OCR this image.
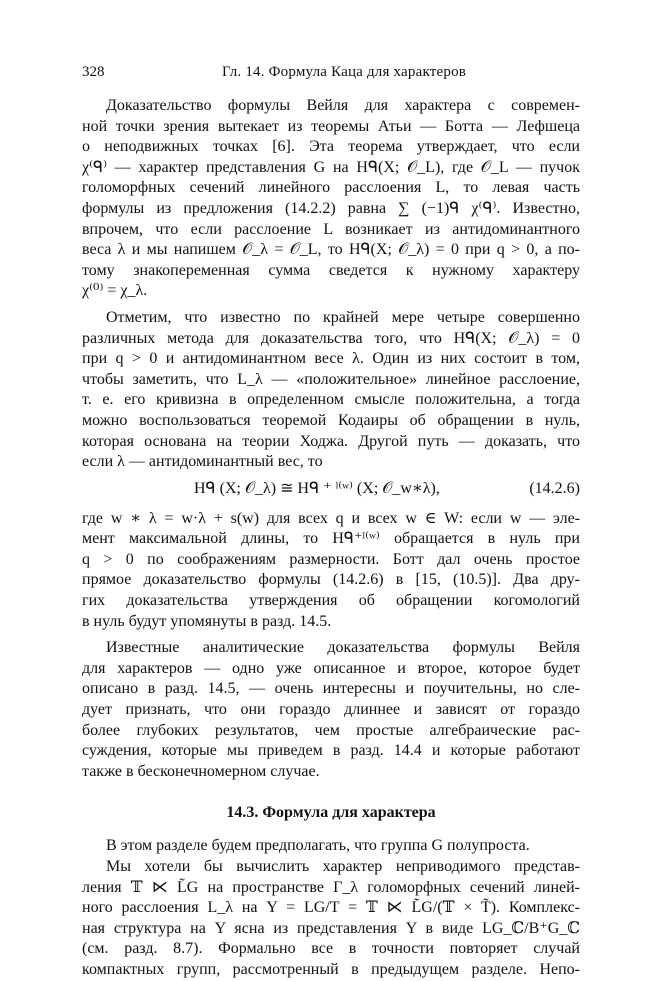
328	Гл. 14. Формула Каца для характеров
Доказательство формулы Вейля для характера с современ-
ной точки зрения вытекает из теоремы Атьи — Ботта — Лефшеца
о неподвижных точках [6]. Эта теорема утверждает, что если
χ⁽ᑫ⁾ — характер представления G на Hᑫ(X; 𝒪_L), где 𝒪_L — пучок
голоморфных сечений линейного расслоения L, то левая часть
формулы из предложения (14.2.2) равна ∑ (−1)ᑫ χ⁽ᑫ⁾. Известно,
впрочем, что если расслоение L возникает из антидоминантного
веса λ и мы напишем 𝒪_λ = 𝒪_L, то Hᑫ(X; 𝒪_λ) = 0 при q > 0, а по-
тому знакопеременная сумма сведется к нужному характеру
χ⁽⁰⁾ = χ_λ.
Отметим, что известно по крайней мере четыре совершенно
различных метода для доказательства того, что Hᑫ(X; 𝒪_λ) = 0
при q > 0 и антидоминантном весе λ. Один из них состоит в том,
чтобы заметить, что L_λ — «положительное» линейное расслоение,
т. е. его кривизна в определенном смысле положительна, а тогда
можно воспользоваться теоремой Кодаиры об обращении в нуль,
которая основана на теории Ходжа. Другой путь — доказать, что
если λ — антидоминантный вес, то
Hᑫ (X; 𝒪_λ) ≅ Hᑫ ⁺ ˡ⁽ʷ⁾ (X; 𝒪_w∗λ),	(14.2.6)
где w ∗ λ = w·λ + s(w) для всех q и всех w ∈ W: если w — эле-
мент максимальной длины, то Hᑫ⁺ˡ⁽ʷ⁾ обращается в нуль при
q > 0 по соображениям размерности. Ботт дал очень простое
прямое доказательство формулы (14.2.6) в [15, (10.5)]. Два дру-
гих доказательства утверждения об обращении когомологий
в нуль будут упомянуты в разд. 14.5.
Известные аналитические доказательства формулы Вейля
для характеров — одно уже описанное и второе, которое будет
описано в разд. 14.5, — очень интересны и поучительны, но сле-
дует признать, что они гораздо длиннее и зависят от гораздо
более глубоких результатов, чем простые алгебраические рас-
суждения, которые мы приведем в разд. 14.4 и которые работают
также в бесконечномерном случае.
14.3. Формула для характера
В этом разделе будем предполагать, что группа G полупроста.
Мы хотели бы вычислить характер неприводимого представ-
ления 𝕋 ⋉ L̃G на пространстве Γ_λ голоморфных сечений линей-
ного расслоения L_λ на Y = LG/T = 𝕋 ⋉ L̃G/(𝕋 × T̃). Комплекс-
ная структура на Y ясна из представления Y в виде LG_ℂ/B⁺G_ℂ
(см. разд. 8.7). Формально все в точности повторяет случай
компактных групп, рассмотренный в предыдущем разделе. Непо-
